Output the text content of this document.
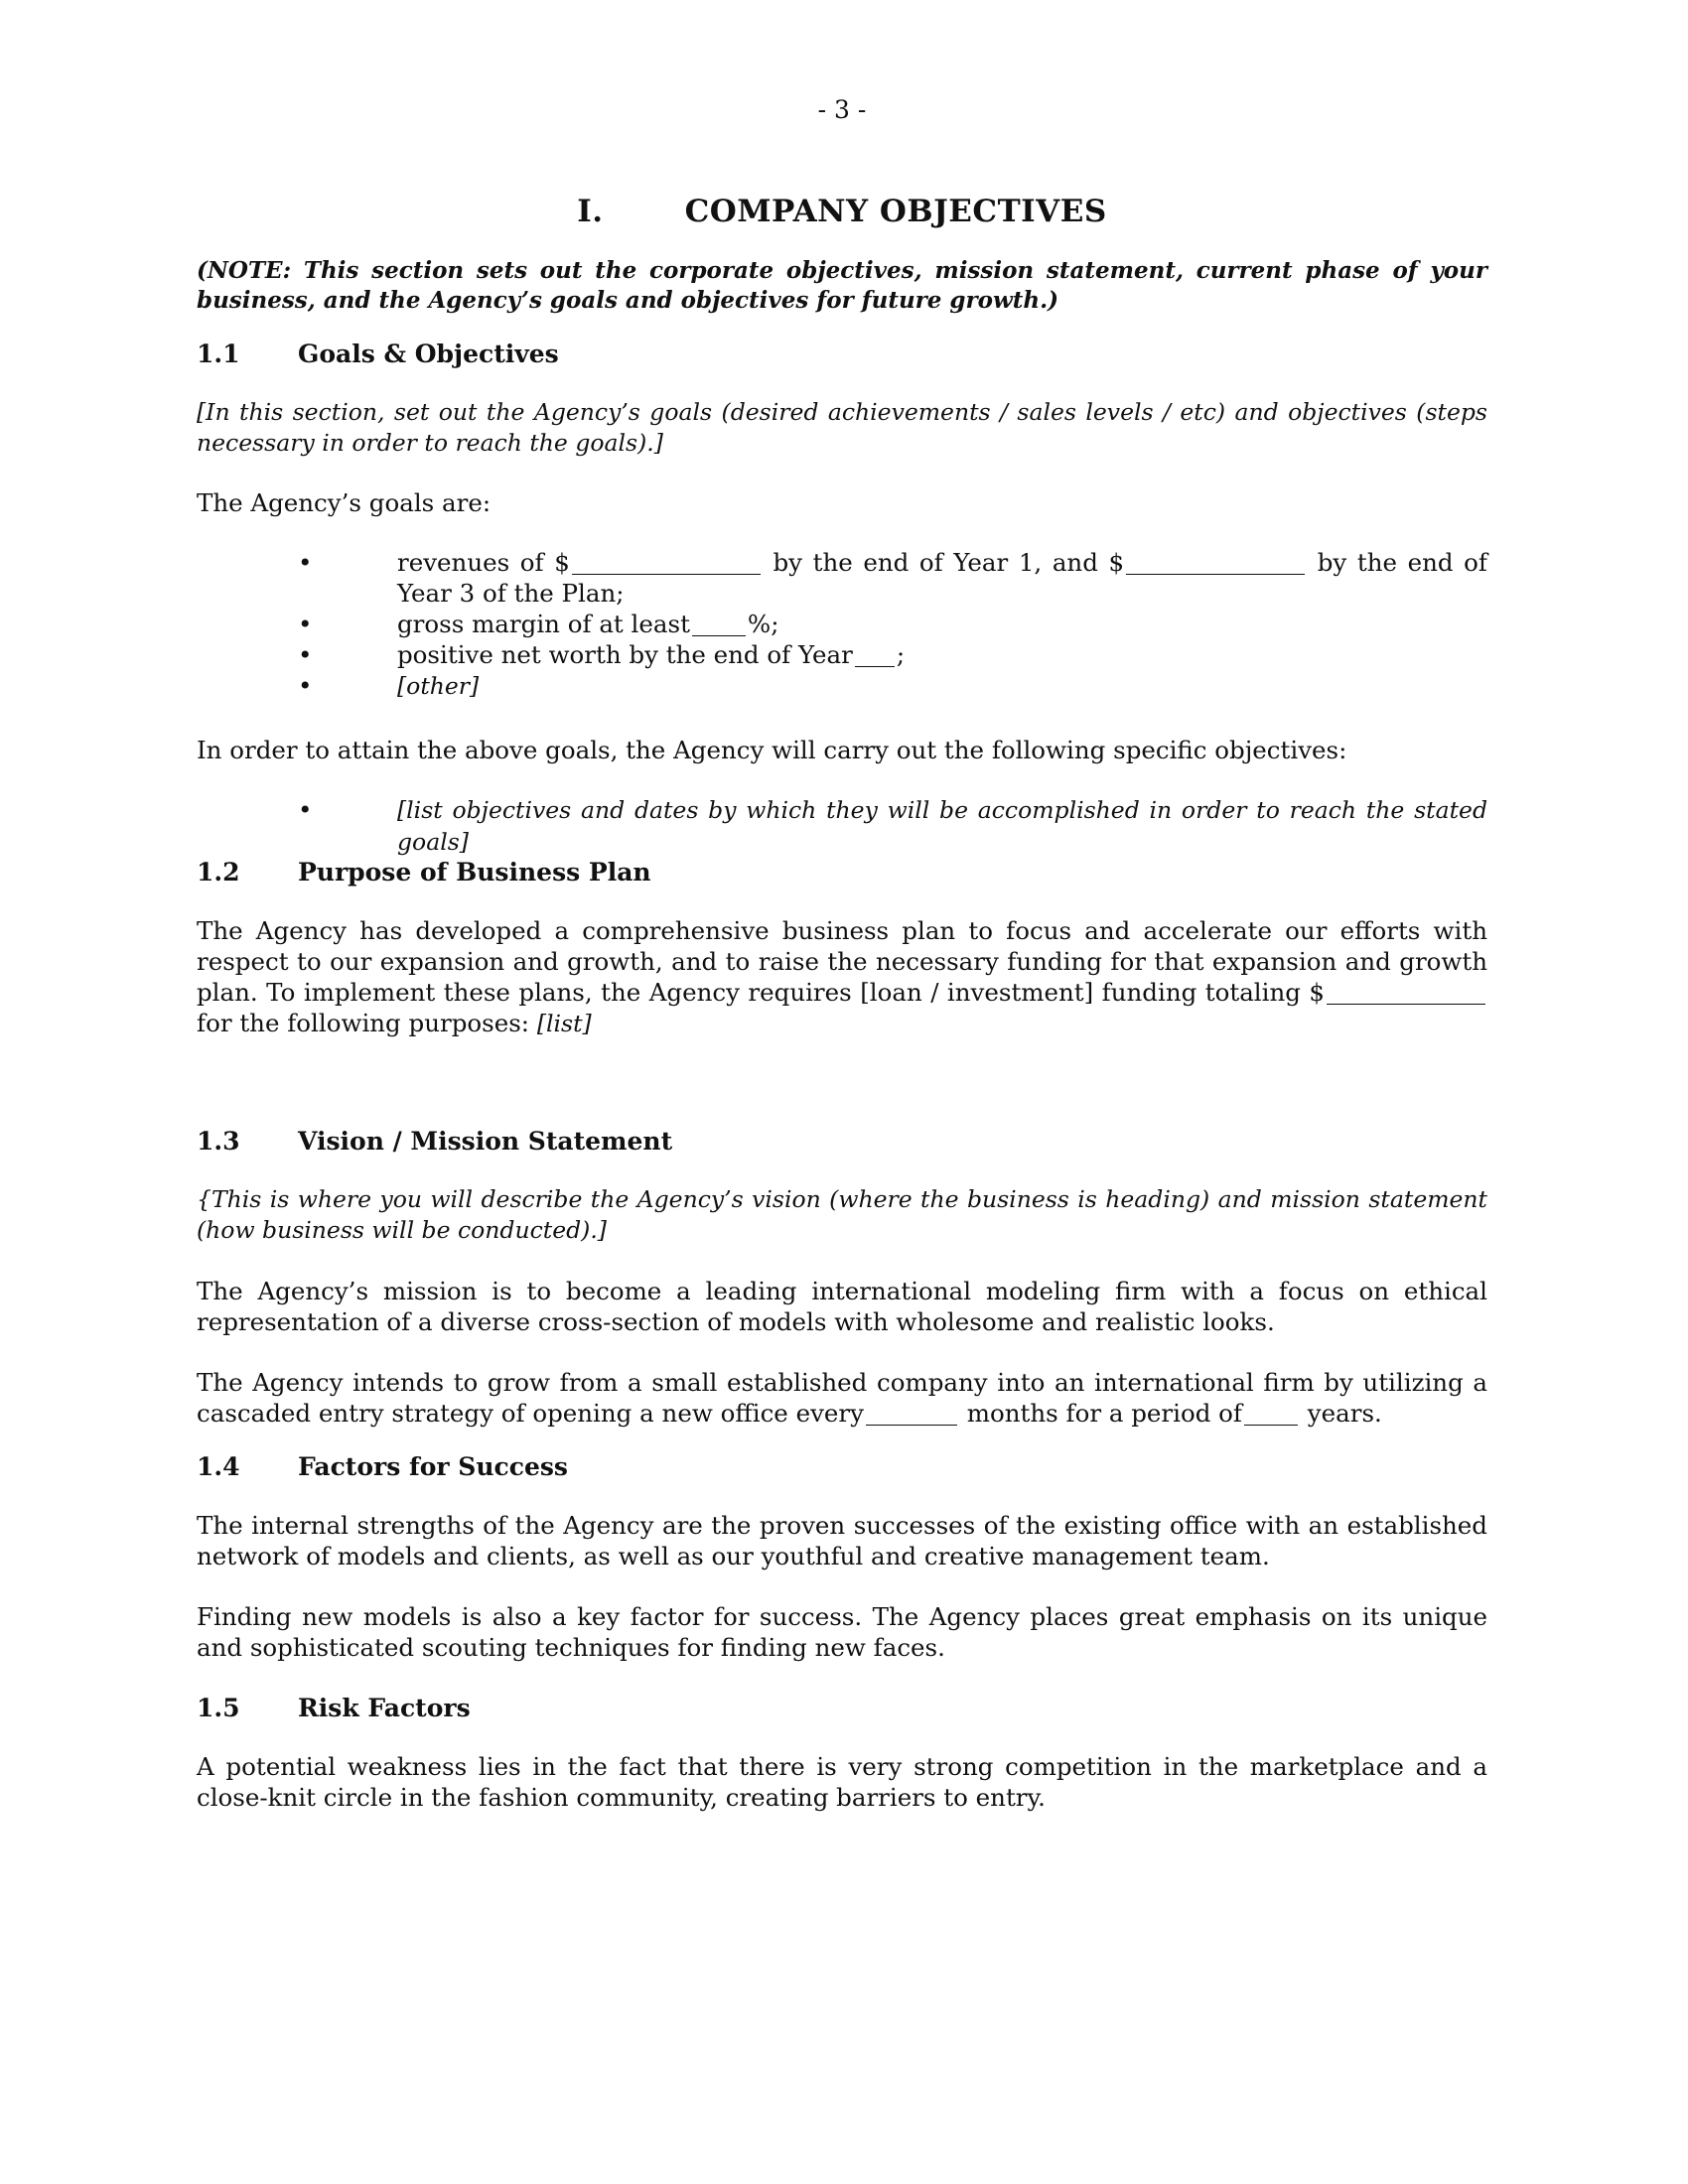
- 3 -
I.	COMPANY OBJECTIVES
(NOTE: This section sets out the corporate objectives, mission statement, current phase of your business, and the Agency’s goals and objectives for future growth.)
1.1 Goals & Objectives
[In this section, set out the Agency’s goals (desired achievements / sales levels / etc) and objectives (steps necessary in order to reach the goals).]
The Agency’s goals are:
•	revenues of $	by the end of Year 1, and $	by the end of Year 3 of the Plan;
•	gross margin of at least %;
•	positive net worth by the end of Year ;
•	[other]
In order to attain the above goals, the Agency will carry out the following specific objectives:
•	[list objectives and dates by which they will be accomplished in order to reach the stated goals]
1.2 Purpose of Business Plan
The Agency has developed a comprehensive business plan to focus and accelerate our efforts with respect to our expansion and growth, and to raise the necessary funding for that expansion and growth plan. To implement these plans, the Agency requires [loan / investment] funding totaling $ for the following purposes: [list]
1.3 Vision / Mission Statement
{This is where you will describe the Agency’s vision (where the business is heading) and mission statement (how business will be conducted).]
The Agency’s mission is to become a leading international modeling firm with a focus on ethical representation of a diverse cross-section of models with wholesome and realistic looks.
The Agency intends to grow from a small established company into an international firm by utilizing a cascaded entry strategy of opening a new office every	months for a period of	years.
1.4 Factors for Success
The internal strengths of the Agency are the proven successes of the existing office with an established network of models and clients, as well as our youthful and creative management team.
Finding new models is also a key factor for success. The Agency places great emphasis on its unique and sophisticated scouting techniques for finding new faces.
1.5 Risk Factors
A potential weakness lies in the fact that there is very strong competition in the marketplace and a close-knit circle in the fashion community, creating barriers to entry.
